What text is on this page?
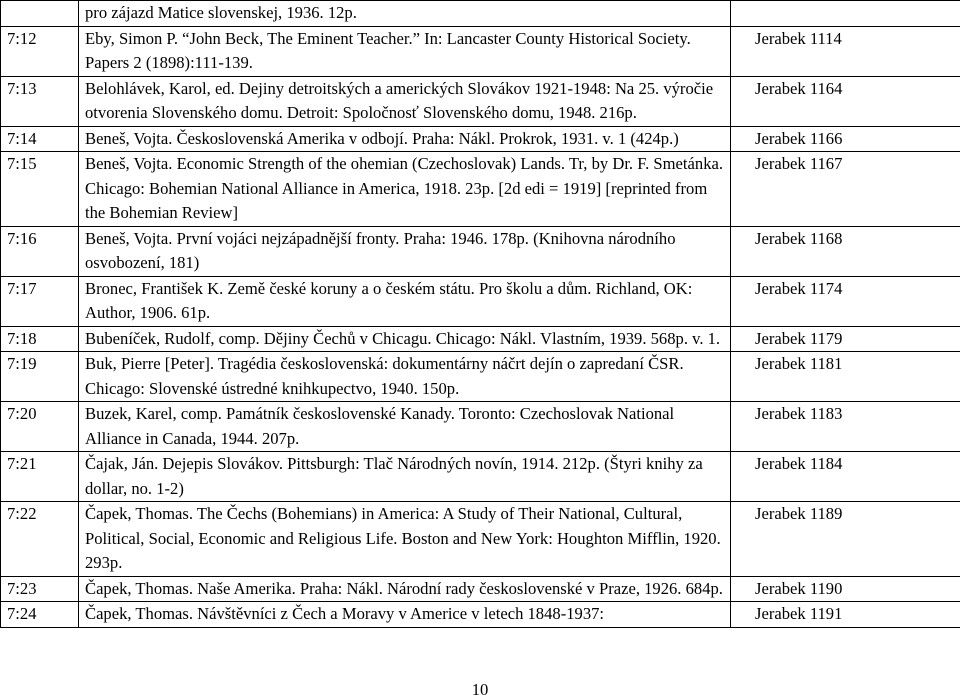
	pro zájazd Matice slovenskej, 1936. 12p.	
7:12	Eby, Simon P. “John Beck, The Eminent Teacher.” In: Lancaster County Historical Society. Papers 2 (1898):111-139.	Jerabek 1114
7:13	Belohlávek, Karol, ed. Dejiny detroitských a amerických Slovákov 1921-1948: Na 25. výročie otvorenia Slovenského domu. Detroit: Spoločnosť Slovenského domu, 1948. 216p.	Jerabek 1164
7:14	Beneš, Vojta. Československá Amerika v odbojí. Praha: Nákl. Prokrok, 1931. v. 1 (424p.)	Jerabek 1166
7:15	Beneš, Vojta. Economic Strength of the ohemian (Czechoslovak) Lands. Tr, by Dr. F. Smetánka. Chicago: Bohemian National Alliance in America, 1918. 23p. [2d edi = 1919] [reprinted from the Bohemian Review]	Jerabek 1167
7:16	Beneš, Vojta. První vojáci nejzápadnější fronty. Praha: 1946. 178p. (Knihovna národního osvobození, 181)	Jerabek 1168
7:17	Bronec, František K. Země české koruny a o českém státu. Pro školu a dům. Richland, OK: Author, 1906. 61p.	Jerabek 1174
7:18	Bubeníček, Rudolf, comp. Dějiny Čechů v Chicagu. Chicago: Nákl. Vlastním, 1939. 568p. v. 1.	Jerabek 1179
7:19	Buk, Pierre [Peter]. Tragédia československá: dokumentárny náčrt dejín o zapredaní ČSR. Chicago: Slovenské ústredné knihkupectvo, 1940. 150p.	Jerabek 1181
7:20	Buzek, Karel, comp. Památník československé Kanady. Toronto: Czechoslovak National Alliance in Canada, 1944. 207p.	Jerabek 1183
7:21	Čajak, Ján. Dejepis Slovákov. Pittsburgh: Tlač Národných novín, 1914. 212p. (Štyri knihy za dollar, no. 1-2)	Jerabek 1184
7:22	Čapek, Thomas. The Čechs (Bohemians) in America: A Study of Their National, Cultural, Political, Social, Economic and Religious Life. Boston and New York: Houghton Mifflin, 1920. 293p.	Jerabek 1189
7:23	Čapek, Thomas. Naše Amerika. Praha: Nákl. Národní rady československé v Praze, 1926. 684p.	Jerabek 1190
7:24	Čapek, Thomas. Návštěvníci z Čech a Moravy v Americe v letech 1848-1937:	Jerabek 1191
10
